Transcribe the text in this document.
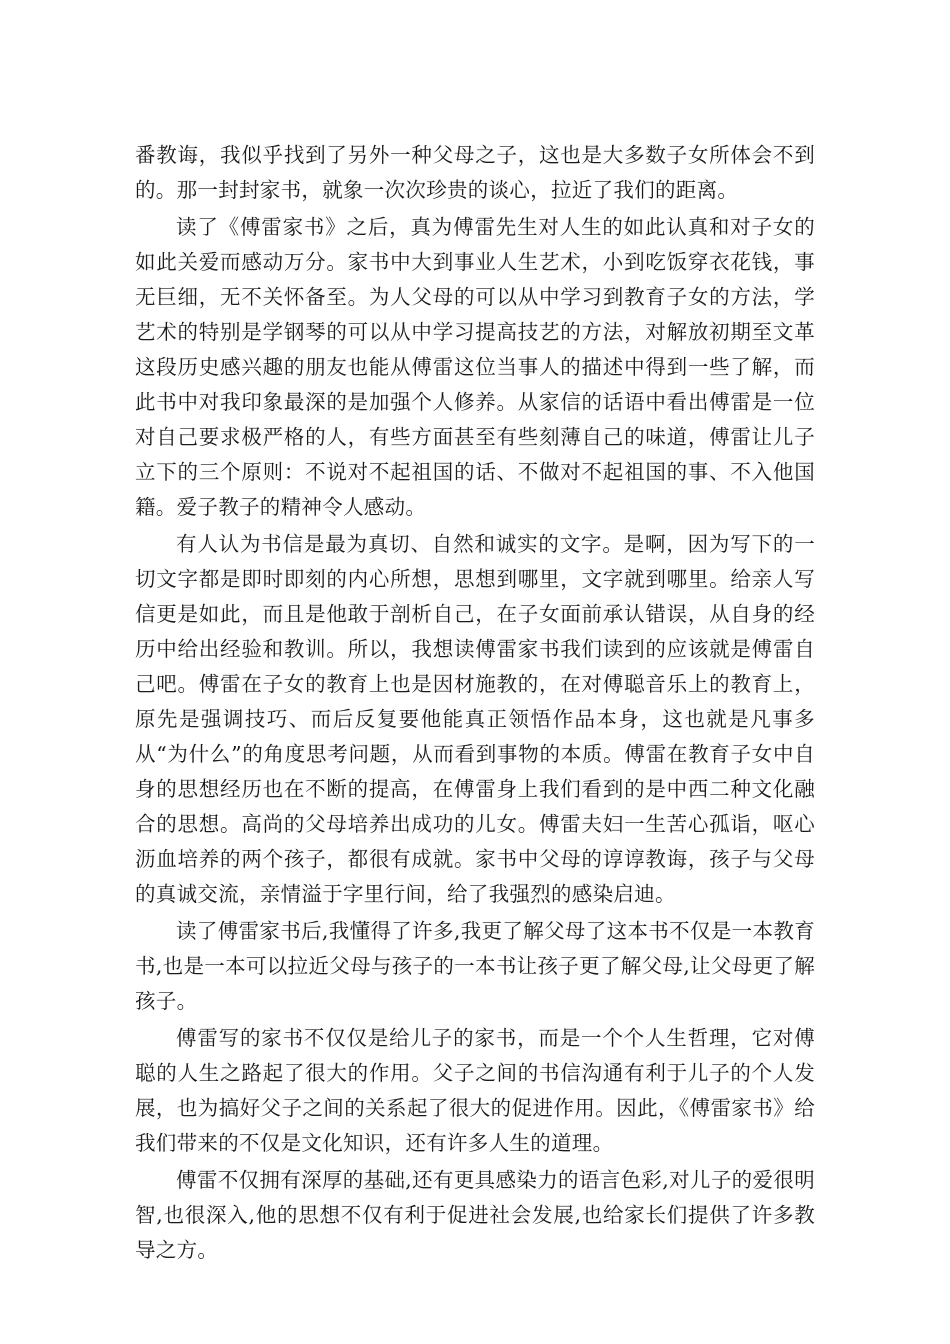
番教诲，我似乎找到了另外一种父母之子，这也是大多数子女所体会不到的。那一封封家书，就象一次次珍贵的谈心，拉近了我们的距离。

读了《傅雷家书》之后，真为傅雷先生对人生的如此认真和对子女的如此关爱而感动万分。家书中大到事业人生艺术，小到吃饭穿衣花钱，事无巨细，无不关怀备至。为人父母的可以从中学习到教育子女的方法，学艺术的特别是学钢琴的可以从中学习提高技艺的方法，对解放初期至文革这段历史感兴趣的朋友也能从傅雷这位当事人的描述中得到一些了解，而此书中对我印象最深的是加强个人修养。从家信的话语中看出傅雷是一位对自己要求极严格的人，有些方面甚至有些刻薄自己的味道，傅雷让儿子立下的三个原则：不说对不起祖国的话、不做对不起祖国的事、不入他国籍。爱子教子的精神令人感动。

有人认为书信是最为真切、自然和诚实的文字。是啊，因为写下的一切文字都是即时即刻的内心所想，思想到哪里，文字就到哪里。给亲人写信更是如此，而且是他敢于剖析自己，在子女面前承认错误，从自身的经历中给出经验和教训。所以，我想读傅雷家书我们读到的应该就是傅雷自己吧。傅雷在子女的教育上也是因材施教的，在对傅聪音乐上的教育上，原先是强调技巧、而后反复要他能真正领悟作品本身，这也就是凡事多从“为什么”的角度思考问题，从而看到事物的本质。傅雷在教育子女中自身的思想经历也在不断的提高，在傅雷身上我们看到的是中西二种文化融合的思想。高尚的父母培养出成功的儿女。傅雷夫妇一生苦心孤诣，呕心沥血培养的两个孩子，都很有成就。家书中父母的谆谆教诲，孩子与父母的真诚交流，亲情溢于字里行间，给了我强烈的感染启迪。

读了傅雷家书后,我懂得了许多,我更了解父母了这本书不仅是一本教育书,也是一本可以拉近父母与孩子的一本书让孩子更了解父母,让父母更了解孩子。

傅雷写的家书不仅仅是给儿子的家书，而是一个个人生哲理，它对傅聪的人生之路起了很大的作用。父子之间的书信沟通有利于儿子的个人发展，也为搞好父子之间的关系起了很大的促进作用。因此，《傅雷家书》给我们带来的不仅是文化知识，还有许多人生的道理。

傅雷不仅拥有深厚的基础,还有更具感染力的语言色彩,对儿子的爱很明智,也很深入,他的思想不仅有利于促进社会发展,也给家长们提供了许多教导之方。
